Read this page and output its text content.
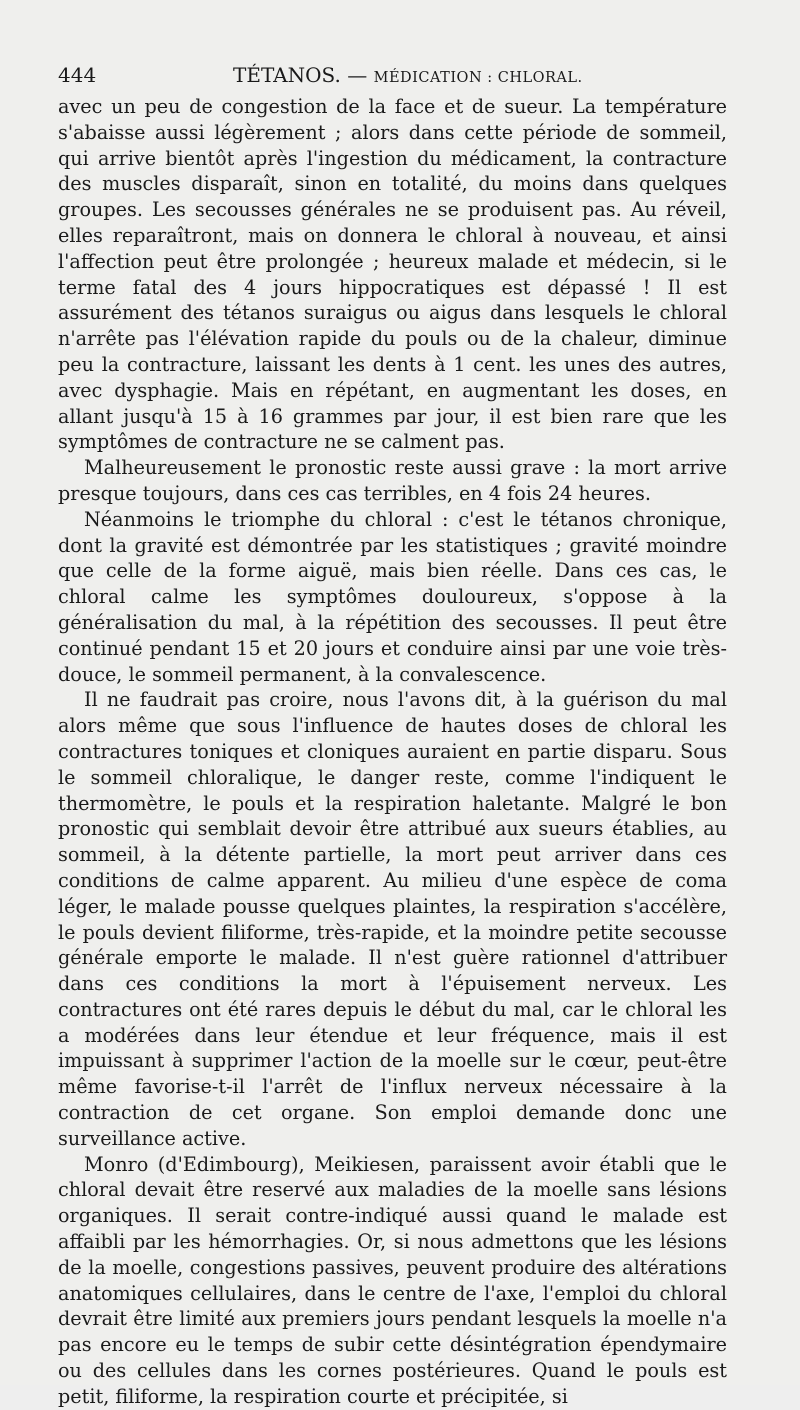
444	TÉTANOS. — MÉDICATION : CHLORAL.

avec un peu de congestion de la face et de sueur. La température s'abaisse aussi légèrement ; alors dans cette période de sommeil, qui arrive bientôt après l'ingestion du médicament, la contracture des muscles disparaît, sinon en totalité, du moins dans quelques groupes. Les secousses générales ne se produisent pas. Au réveil, elles reparaîtront, mais on donnera le chloral à nouveau, et ainsi l'affection peut être prolongée ; heureux malade et médecin, si le terme fatal des 4 jours hippocratiques est dépassé ! Il est assurément des tétanos suraigus ou aigus dans lesquels le chloral n'arrête pas l'élévation rapide du pouls ou de la chaleur, diminue peu la contracture, laissant les dents à 1 cent. les unes des autres, avec dysphagie. Mais en répétant, en augmentant les doses, en allant jusqu'à 15 à 16 grammes par jour, il est bien rare que les symptômes de contracture ne se calment pas.

Malheureusement le pronostic reste aussi grave : la mort arrive presque toujours, dans ces cas terribles, en 4 fois 24 heures.

Néanmoins le triomphe du chloral : c'est le tétanos chronique, dont la gravité est démontrée par les statistiques ; gravité moindre que celle de la forme aiguë, mais bien réelle. Dans ces cas, le chloral calme les symptômes douloureux, s'oppose à la généralisation du mal, à la répétition des secousses. Il peut être continué pendant 15 et 20 jours et conduire ainsi par une voie très-douce, le sommeil permanent, à la convalescence.

Il ne faudrait pas croire, nous l'avons dit, à la guérison du mal alors même que sous l'influence de hautes doses de chloral les contractures toniques et cloniques auraient en partie disparu. Sous le sommeil chloralique, le danger reste, comme l'indiquent le thermomètre, le pouls et la respiration haletante. Malgré le bon pronostic qui semblait devoir être attribué aux sueurs établies, au sommeil, à la détente partielle, la mort peut arriver dans ces conditions de calme apparent. Au milieu d'une espèce de coma léger, le malade pousse quelques plaintes, la respiration s'accélère, le pouls devient filiforme, très-rapide, et la moindre petite secousse générale emporte le malade. Il n'est guère rationnel d'attribuer dans ces conditions la mort à l'épuisement nerveux. Les contractures ont été rares depuis le début du mal, car le chloral les a modérées dans leur étendue et leur fréquence, mais il est impuissant à supprimer l'action de la moelle sur le cœur, peut-être même favorise-t-il l'arrêt de l'influx nerveux nécessaire à la contraction de cet organe. Son emploi demande donc une surveillance active.

Monro (d'Edimbourg), Meikiesen, paraissent avoir établi que le chloral devait être reservé aux maladies de la moelle sans lésions organiques. Il serait contre-indiqué aussi quand le malade est affaibli par les hémorrhagies. Or, si nous admettons que les lésions de la moelle, congestions passives, peuvent produire des altérations anatomiques cellulaires, dans le centre de l'axe, l'emploi du chloral devrait être limité aux premiers jours pendant lesquels la moelle n'a pas encore eu le temps de subir cette désintégration épendymaire ou des cellules dans les cornes postérieures. Quand le pouls est petit, filiforme, la respiration courte et précipitée, si
